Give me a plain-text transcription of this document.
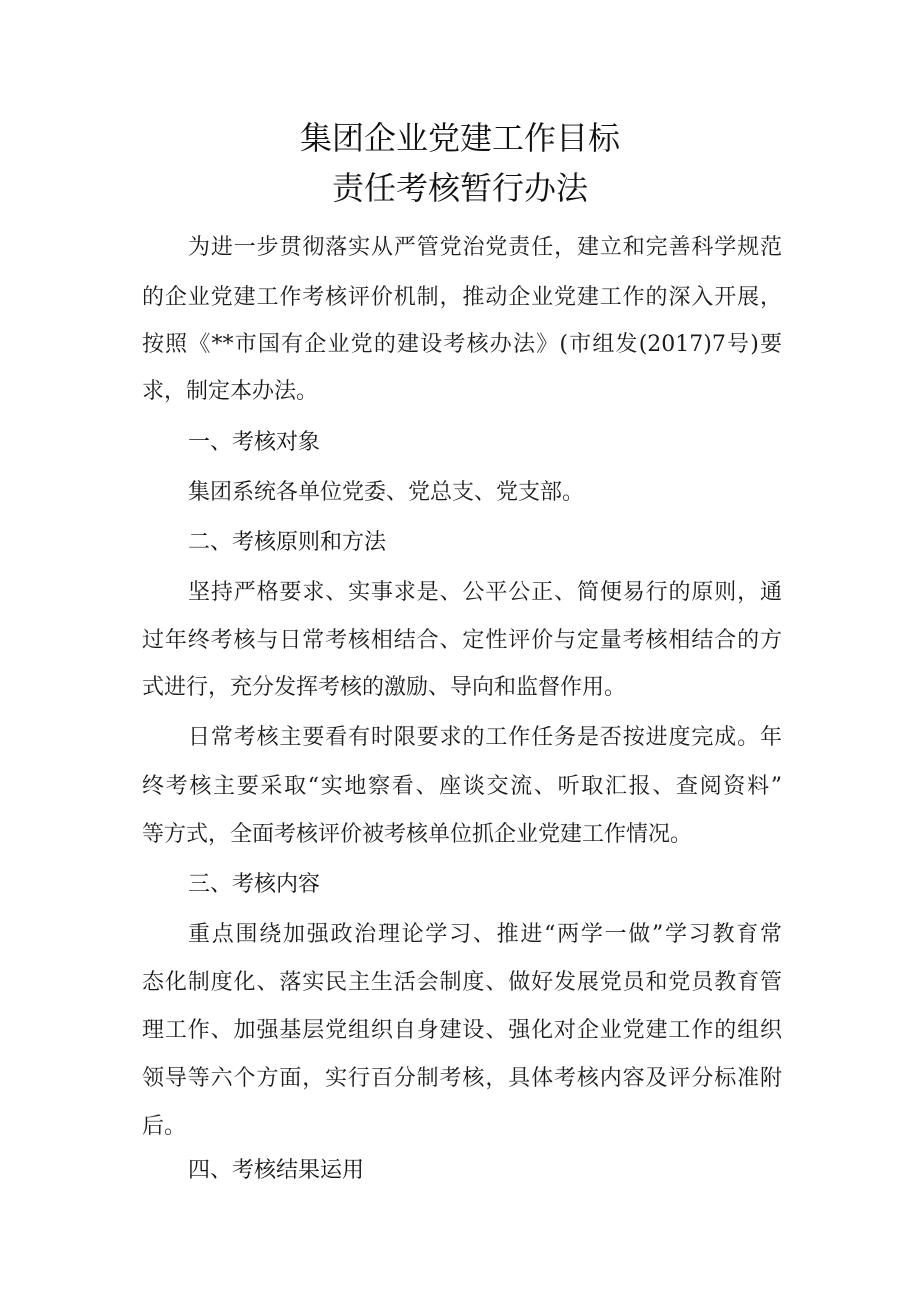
集团企业党建工作目标
责任考核暂行办法
为进一步贯彻落实从严管党治党责任，建立和完善科学规范
的企业党建工作考核评价机制，推动企业党建工作的深入开展，
按照《**市国有企业党的建设考核办法》(市组发(2017)7号)要
求，制定本办法。
一、考核对象
集团系统各单位党委、党总支、党支部。
二、考核原则和方法
坚持严格要求、实事求是、公平公正、简便易行的原则，通
过年终考核与日常考核相结合、定性评价与定量考核相结合的方
式进行，充分发挥考核的激励、导向和监督作用。
日常考核主要看有时限要求的工作任务是否按进度完成。年
终考核主要采取“实地察看、座谈交流、听取汇报、查阅资料”
等方式，全面考核评价被考核单位抓企业党建工作情况。
三、考核内容
重点围绕加强政治理论学习、推进“两学一做”学习教育常
态化制度化、落实民主生活会制度、做好发展党员和党员教育管
理工作、加强基层党组织自身建设、强化对企业党建工作的组织
领导等六个方面，实行百分制考核，具体考核内容及评分标准附
后。
四、考核结果运用
